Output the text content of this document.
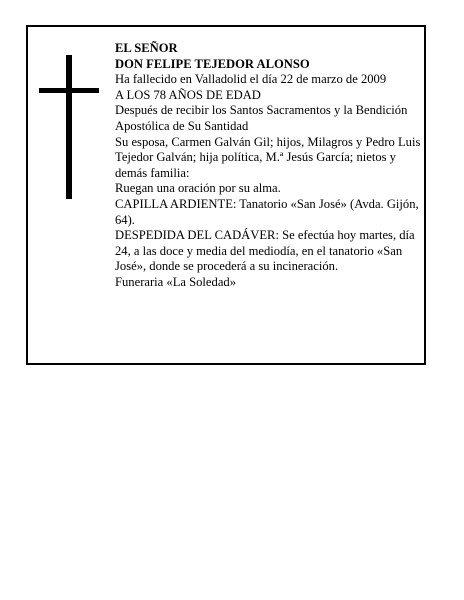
EL SEÑOR

DON FELIPE TEJEDOR ALONSO

Ha fallecido en Valladolid el día 22 de marzo de 2009

A LOS 78 AÑOS DE EDAD

Después de recibir los Santos Sacramentos y la Bendición Apostólica de Su Santidad

Su esposa, Carmen Galván Gil; hijos, Milagros y Pedro Luis Tejedor Galván; hija política, M.ª Jesús García; nietos y demás familia:

Ruegan una oración por su alma.

CAPILLA ARDIENTE: Tanatorio «San José» (Avda. Gijón, 64).

DESPEDIDA DEL CADÁVER: Se efectúa hoy martes, día 24, a las doce y media del mediodía, en el tanatorio «San José», donde se procederá a su incineración.

Funeraria «La Soledad»
